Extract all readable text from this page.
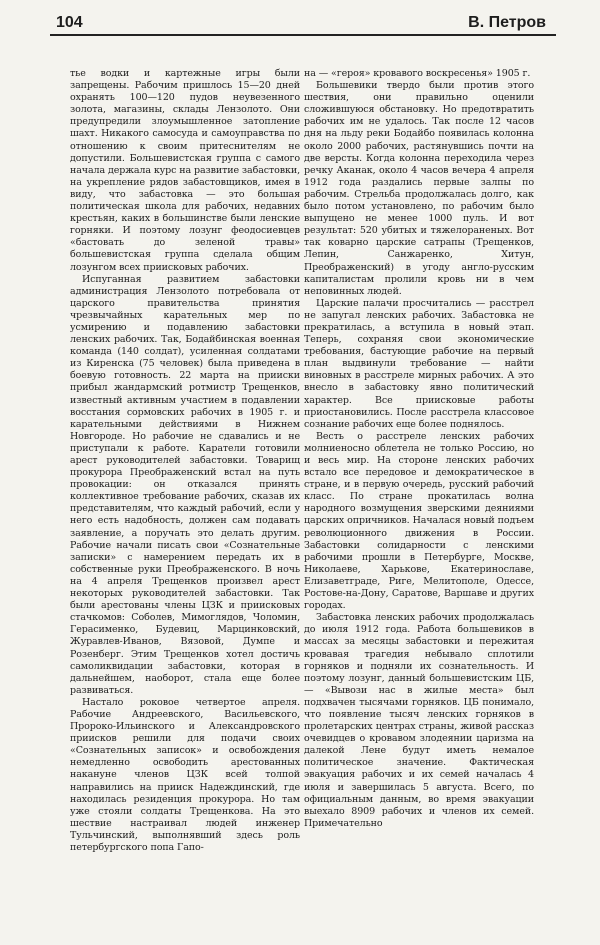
104	В. Петров

тье водки и картежные игры были запрещены. Рабочим пришлось 15—20 дней охранять 100—120 пудов неувезенного золота, магазины, склады Лензолото. Они предупредили злоумышленное затопление шахт. Никакого самосуда и самоуправства по отношению к своим притеснителям не допустили. Большевистская группа с самого начала держала курс на развитие забастовки, на укрепление рядов забастовщиков, имея в виду, что забастовка — это большая политическая школа для рабочих, недавних крестьян, каких в большинстве были ленские горняки. И поэтому лозунг феодосиевцев «бастовать до зеленой травы» большевистская группа сделала общим лозунгом всех приисковых рабочих.

Испуганная развитием забастовки администрация Лензолото потребовала от царского правительства принятия чрезвычайных карательных мер по усмирению и подавлению забастовки ленских рабочих. Так, Бодайбинская военная команда (140 солдат), усиленная солдатами из Киренска (75 человек) была приведена в боевую готовность. 22 марта на прииски прибыл жандармский ротмистр Трещенков, известный активным участием в подавлении восстания сормовских рабочих в 1905 г. и карательными действиями в Нижнем Новгороде. Но рабочие не сдавались и не приступали к работе. Каратели готовили арест руководителей забастовки. Товарищ прокурора Преображенский встал на путь провокации: он отказался принять коллективное требование рабочих, сказав их представителям, что каждый рабочий, если у него есть надобность, должен сам подавать заявление, а поручать это делать другим. Рабочие начали писать свои «Сознательные записки» с намерением передать их в собственные руки Преображенского. В ночь на 4 апреля Трещенков произвел арест некоторых руководителей забастовки. Так были арестованы члены ЦЗК и приисковых стачкомов: Соболев, Мимоглядов, Чоломин, Герасименко, Будевиц, Марцинковский, Журавлев-Иванов, Вязовой, Думпе и Розенберг. Этим Трещенков хотел достичь самоликвидации забастовки, которая в дальнейшем, наоборот, стала еще более развиваться.

Настало роковое четвертое апреля. Рабочие Андреевского, Васильевского, Пророко-Ильинского и Александровского приисков решили для подачи своих «Сознательных записок» и освобождения немедленно освободить арестованных накануне членов ЦЗК всей толпой направились на прииск Надеждинский, где находилась резиденция прокурора. Но там уже стояли солдаты Трещенкова. На это шествие настраивал людей инженер Тульчинский, выполнявший здесь роль петербургского попа Гапо-

на — «героя» кровавого воскресенья» 1905 г.

Большевики твердо были против этого шествия, они правильно оценили сложившуюся обстановку. Но предотвратить рабочих им не удалось. Так после 12 часов дня на льду реки Бодайбо появилась колонна около 2000 рабочих, растянувшись почти на две версты. Когда колонна переходила через речку Аканак, около 4 часов вечера 4 апреля 1912 года раздались первые залпы по рабочим. Стрельба продолжалась долго, как было потом установлено, по рабочим было выпущено не менее 1000 пуль. И вот результат: 520 убитых и тяжелораненых. Вот так коварно царские сатрапы (Трещенков, Лепин, Санжаренко, Хитун, Преображенский) в угоду англо-русским капиталистам пролили кровь ни в чем неповинных людей.

Царские палачи просчитались — расстрел не запугал ленских рабочих. Забастовка не прекратилась, а вступила в новый этап. Теперь, сохраняя свои экономические требования, бастующие рабочие на первый план выдвинули требование — найти виновных в расстреле мирных рабочих. А это внесло в забастовку явно политический характер. Все приисковые работы приостановились. После расстрела классовое сознание рабочих еще более поднялось.

Весть о расстреле ленских рабочих молниеносно облетела не только Россию, но и весь мир. На стороне ленских рабочих встало все передовое и демократическое в стране, и в первую очередь, русский рабочий класс. По стране прокатилась волна народного возмущения зверскими деяниями царских опричников. Началася новый подъем революционного движения в России. Забастовки солидарности с ленскими рабочими прошли в Петербурге, Москве, Николаеве, Харькове, Екатеринославе, Елизаветграде, Риге, Мелитополе, Одессе, Ростове-на-Дону, Саратове, Варшаве и других городах.

Забастовка ленских рабочих продолжалась до июля 1912 года. Работа большевиков в массах за месяцы забастовки и пережитая кровавая трагедия небывало сплотили горняков и подняли их сознательность. И поэтому лозунг, данный большевистским ЦБ, — «Вывози нас в жилые места» был подхвачен тысячами горняков. ЦБ понимало, что появление тысяч ленских горняков в пролетарских центрах страны, живой рассказ очевидцев о кровавом злодеянии царизма на далекой Лене будут иметь немалое политическое значение. Фактическая эвакуация рабочих и их семей началась 4 июля и завершилась 5 августа. Всего, по официальным данным, во время эвакуации выехало 8909 рабочих и членов их семей. Примечательно
